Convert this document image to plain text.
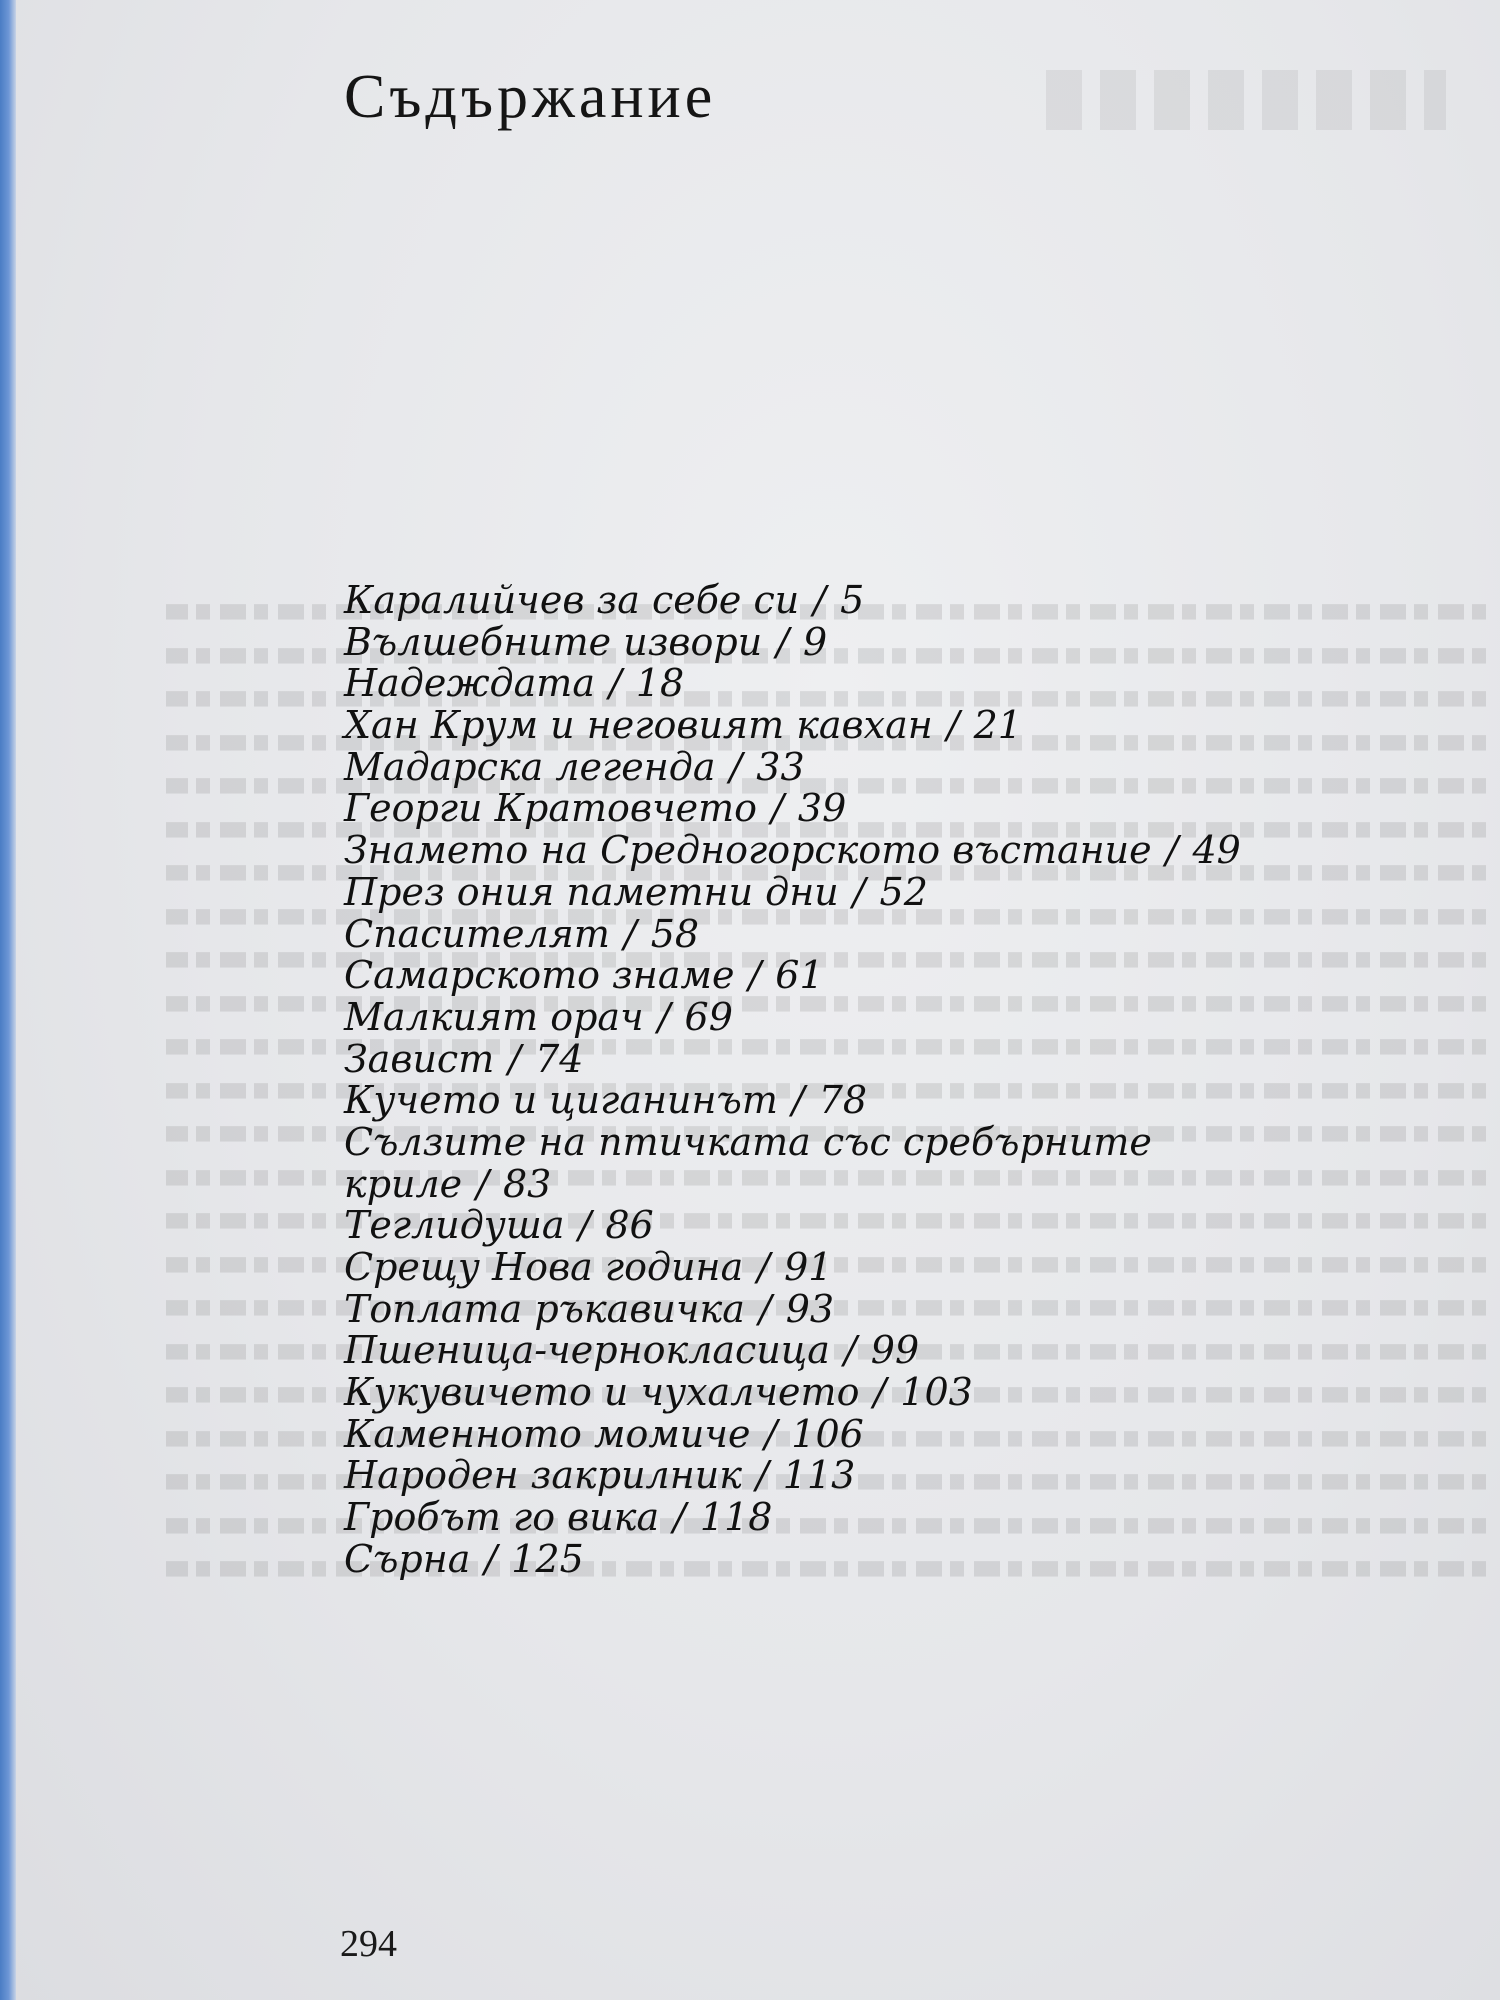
Съдържание
Каралийчев за себе си / 5
Вълшебните извори / 9
Надеждата / 18
Хан Крум и неговият кавхан / 21
Мадарска легенда / 33
Георги Кратовчето / 39
Знамето на Средногорското въстание / 49
През ония паметни дни / 52
Спасителят / 58
Самарското знаме / 61
Малкият орач / 69
Завист / 74
Кучето и циганинът / 78
Сълзите на птичката със сребърните
криле / 83
Теглидуша / 86
Срещу Нова година / 91
Топлата ръкавичка / 93
Пшеница-чернокласица / 99
Кукувичето и чухалчето / 103
Каменното момиче / 106
Народен закрилник / 113
Гробът го вика / 118
Сърна / 125

294
